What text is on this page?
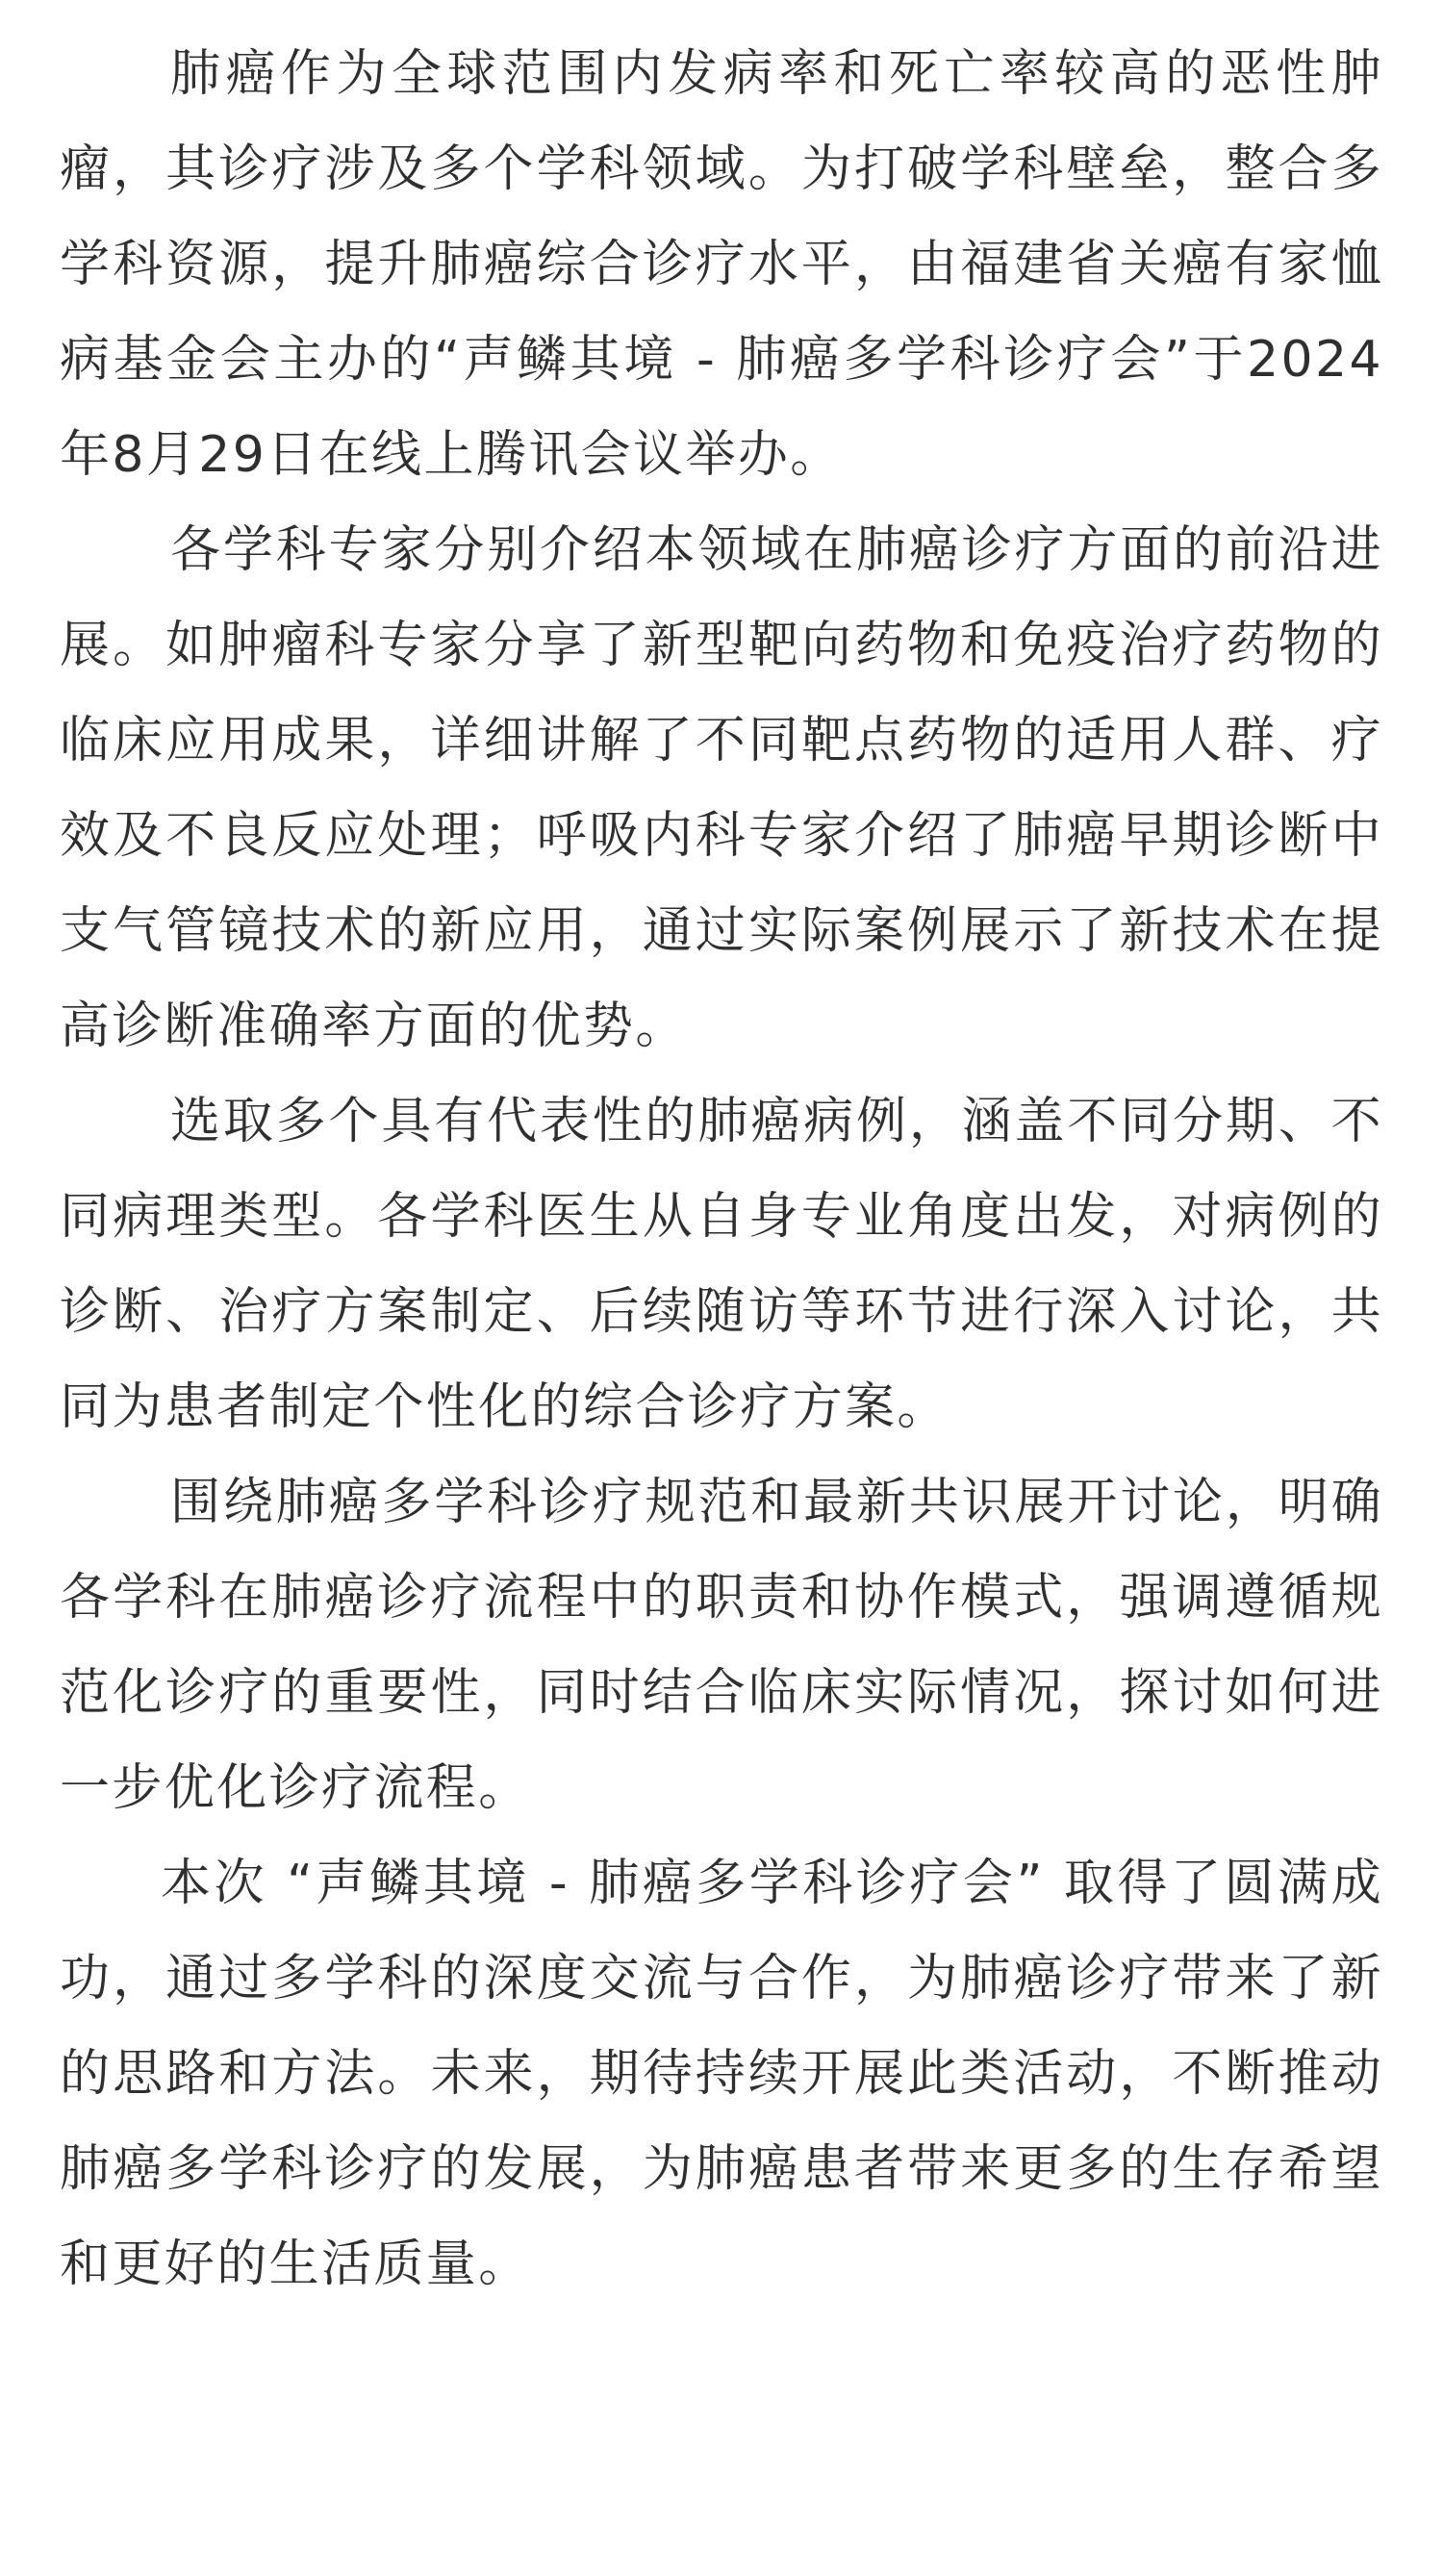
肺癌作为全球范围内发病率和死亡率较高的恶性肿瘤，其诊疗涉及多个学科领域。为打破学科壁垒，整合多学科资源，提升肺癌综合诊疗水平，由福建省关癌有家恤病基金会主办的“声鳞其境 - 肺癌多学科诊疗会”于2024年8月29日在线上腾讯会议举办。

各学科专家分别介绍本领域在肺癌诊疗方面的前沿进展。如肿瘤科专家分享了新型靶向药物和免疫治疗药物的临床应用成果，详细讲解了不同靶点药物的适用人群、疗效及不良反应处理；呼吸内科专家介绍了肺癌早期诊断中支气管镜技术的新应用，通过实际案例展示了新技术在提高诊断准确率方面的优势。

选取多个具有代表性的肺癌病例，涵盖不同分期、不同病理类型。各学科医生从自身专业角度出发，对病例的诊断、治疗方案制定、后续随访等环节进行深入讨论，共同为患者制定个性化的综合诊疗方案。

围绕肺癌多学科诊疗规范和最新共识展开讨论，明确各学科在肺癌诊疗流程中的职责和协作模式，强调遵循规范化诊疗的重要性，同时结合临床实际情况，探讨如何进一步优化诊疗流程。

本次 “声鳞其境 - 肺癌多学科诊疗会” 取得了圆满成功，通过多学科的深度交流与合作，为肺癌诊疗带来了新的思路和方法。未来，期待持续开展此类活动，不断推动肺癌多学科诊疗的发展，为肺癌患者带来更多的生存希望和更好的生活质量。
